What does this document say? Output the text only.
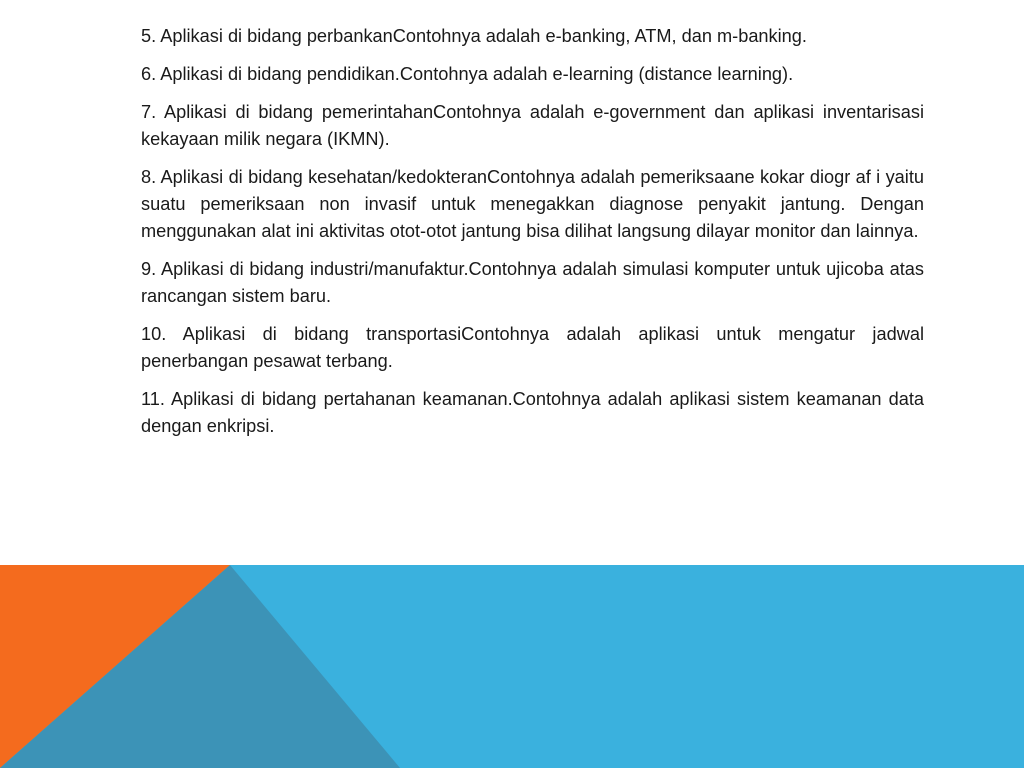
5. Aplikasi di bidang perbankanContohnya adalah e-banking, ATM, dan m-banking.

6. Aplikasi di bidang pendidikan.Contohnya adalah e-learning (distance learning).

7. Aplikasi di bidang pemerintahanContohnya adalah e-government dan aplikasi inventarisasi kekayaan milik negara (IKMN).

8. Aplikasi di bidang kesehatan/kedokteranContohnya adalah pemeriksaane kokar diogr af i yaitu suatu pemeriksaan non invasif untuk menegakkan diagnose penyakit jantung. Dengan menggunakan alat ini aktivitas otot-otot jantung bisa dilihat langsung dilayar monitor dan lainnya.

9. Aplikasi di bidang industri/manufaktur.Contohnya adalah simulasi komputer untuk ujicoba atas rancangan sistem baru.

10. Aplikasi di bidang transportasiContohnya adalah aplikasi untuk mengatur jadwal penerbangan pesawat terbang.

11. Aplikasi di bidang pertahanan keamanan.Contohnya adalah aplikasi sistem keamanan data dengan enkripsi.
